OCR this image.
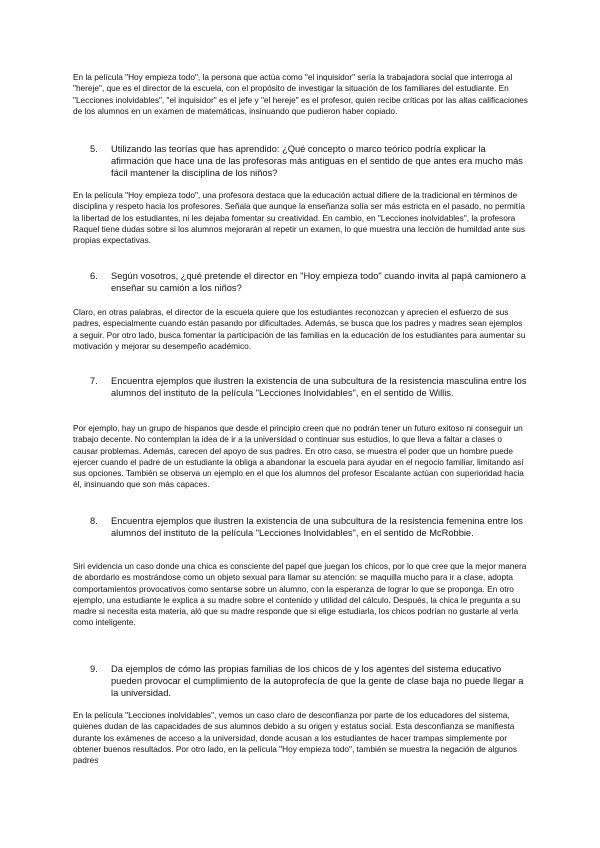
En la película "Hoy empieza todo", la persona que actúa como "el inquisidor" sería la trabajadora social que interroga al "hereje", que es el director de la escuela, con el propósito de investigar la situación de los familiares del estudiante. En "Lecciones inolvidables", "el inquisidor" es el jefe y "el hereje" es el profesor, quien recibe críticas por las altas calificaciones de los alumnos en un examen de matemáticas, insinuando que pudieron haber copiado.
5.	Utilizando las teorías que has aprendido: ¿Qué concepto o marco teórico podría explicar la afirmación que hace una de las profesoras más antiguas en el sentido de que antes era mucho más fácil mantener la disciplina de los niños?
En la película "Hoy empieza todo", una profesora destaca que la educación actual difiere de la tradicional en términos de disciplina y respeto hacia los profesores. Señala que aunque la enseñanza solía ser más estricta en el pasado, no permitía la libertad de los estudiantes, ni les dejaba fomentar su creatividad. En cambio, en "Lecciones inolvidables", la profesora Raquel tiene dudas sobre si los alumnos mejorarán al repetir un examen, lo que muestra una lección de humildad ante sus propias expectativas.
6.	Según vosotros, ¿qué pretende el director en "Hoy empieza todo" cuando invita al papá camionero a enseñar su camión a los niños?
Claro, en otras palabras, el director de la escuela quiere que los estudiantes reconozcan y aprecien el esfuerzo de sus padres, especialmente cuando están pasando por dificultades. Además, se busca que los padres y madres sean ejemplos a seguir. Por otro lado, busca fomentar la participación de las familias en la educación de los estudiantes para aumentar su motivación y mejorar su desempeño académico.
7.	Encuentra ejemplos que ilustren la existencia de una subcultura de la resistencia masculina entre los alumnos del instituto de la película "Lecciones Inolvidables", en el sentido de Willis.
Por ejemplo, hay un grupo de hispanos que desde el principio creen que no podrán tener un futuro exitoso ni conseguir un trabajo decente. No contemplan la idea de ir a la universidad o continuar sus estudios, lo que lleva a faltar a clases o causar problemas. Además, carecen del apoyo de sus padres. En otro caso, se muestra el poder que un hombre puede ejercer cuando el padre de un estudiante la obliga a abandonar la escuela para ayudar en el negocio familiar, limitando así sus opciones. También se observa un ejemplo en el que los alumnos del profesor Escalante actúan con superioridad hacia él, insinuando que son más capaces.
8.	Encuentra ejemplos que ilustren la existencia de una subcultura de la resistencia femenina entre los alumnos del instituto de la película "Lecciones Inolvidables", en el sentido de McRobbie.
Siri evidencia un caso donde una chica es consciente del papel que juegan los chicos, por lo que cree que la mejor manera de abordarlo es mostrándose como un objeto sexual para llamar su atención: se maquilla mucho para ir a clase, adopta comportamientos provocativos como sentarse sobre un alumno, con la esperanza de lograr lo que se proponga. En otro ejemplo, una estudiante le explica a su madre sobre el contenido y utilidad del cálculo. Después, la chica le pregunta a su madre si necesita esta materia, aló que su madre responde que si elige estudiarla, los chicos podrían no gustarle al verla como inteligente.
9.	Da ejemplos de cómo las propias familias de los chicos de y los agentes del sistema educativo pueden provocar el cumplimiento de la autoprofecía de que la gente de clase baja no puede llegar a la universidad.
En la película "Lecciones inolvidables", vemos un caso claro de desconfianza por parte de los educadores del sistema, quienes dudan de las capacidades de sus alumnos debido a su origen y estatus social. Esta desconfianza se manifiesta durante los exámenes de acceso a la universidad, donde acusan a los estudiantes de hacer trampas simplemente por obtener buenos resultados. Por otro lado, en la película "Hoy empieza todo", también se muestra la negación de algunos padres
